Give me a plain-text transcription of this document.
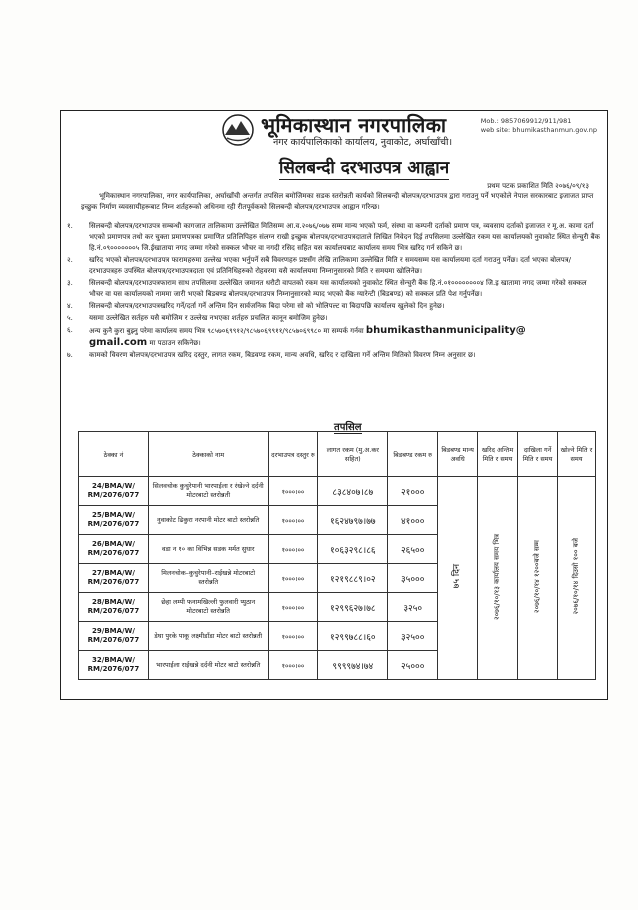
Mob.: 9857069912/911/981
web site: bhumikasthanmun.gov.np
भूमिकास्थान नगरपालिका
नगर कार्यपालिकाको कार्यालय, नुवाकोट, अर्घाखाँची।
सिलबन्दी दरभाउपत्र आह्वान
प्रथम पटक प्रकाशित मिति २०७६/०९/१३
भूमिकास्थान नगरपालिका, नगर कार्यपालिका, अर्घाखाँची अन्तर्गत तपसिल बमोजिमका सडक स्तरोन्नती कार्यको सिलबन्दी बोलपत्र/दरभाउपत्र द्वारा गराउनु पर्ने भएकोले नेपाल सरकारबाट इजाजत प्राप्त इच्छुक निर्माण व्यवसायीहरूबाट निम्न शर्तहरूको अधिनमा रही रीतपूर्वकको सिलबन्दी बोलपत्र/दरभाउपत्र आह्वान गरिन्छ।
१.	सिलबन्दी बोलपत्र/दरभाउपत्र सम्बन्धी कागजात तालिकामा उल्लेखित मितिसम्म आ.व.२०७६/०७७ सम्म मान्य भएको फर्म, संस्था वा कम्पनी दर्ताको प्रमाण पत्र, व्यवसाय दर्ताको इजाजत र मू.अ. कामा दर्ता भएको प्रमाणपत्र तथो कर चुक्ता प्रमाणपत्रका प्रमाणित प्रतिलिपिहरु संलग्न राखी इच्छुक बोलपत्र/दरभाउपत्रदाताले लिखित निवेदन दिई तपसिलमा उल्लेखित रकम यस कार्यालयको नुवाकोट स्थित सेन्चुरी बैंक हि.नं.०९०००००००५ जि.ईखाताया नगद जम्मा गरेको सक्कल भौचर वा नगदी रसिद सहित यस कार्यालयबाट कार्यालय समय भित्र खरिद गर्न सकिने छ।
२.	खरिद भएको बोलपत्र/दरभाउपत्र फारामहरुमा उल्लेख भएका भर्नुपर्ने सबै विवरणहरु प्रष्टसँग लेखि तालिकामा उल्लेखित मिति र समयसम्म यस कार्यालयमा दर्ता गराउनु पर्नेछ। दर्ता भएका बोलपत्र/दरभाउपत्रहरु उपस्थित बोलपत्र/दरभाउपत्रदाता एवं प्रतिनिधिहरुको रोहवरमा यसै कार्यालयमा निम्नानुसारको मिति र समयमा खोलिनेछ।
३.	सिलबन्दी बोलपत्र/दरभाउपत्रफाराम साथ तपसिलमा उल्लेखित जमानत धरौटी वापतको रकम यस कार्यालयको नुवाकोट स्थित सेन्चुरी बैंक हि.नं.०१००००००००४ जि.इ खातामा नगद जम्मा गरेको सक्कल भौचर वा यस कार्यालयको नाममा जारी भएको बिडबण्ड बोलपत्र/दरभाउपत्र निम्नानुसारको म्याद भएको बैंक ग्यारेन्टी (बिडबण्ड) को सक्कल प्रति पेश गर्नुपर्नेछ।
४.	सिलबन्दी बोलपत्र/दरभाउपत्रखरिद गर्ने/दर्ता गर्ने अन्तिम दिन सार्वजनिक बिदा परेमा सो को भोलिपल्ट वा बिदापछि कार्यालय खुलेको दिन हुनेछ।
५.	यसमा उल्लेखित सर्तहरु यसै बमोजिम र उल्लेख नभएका शर्तहरु प्रचलित कानून बमोजिम हुनेछ।
६.	अन्य कुनै कुरा बुझ्नु परेमा कार्यालय समय भित्र ९८५७०६९९१२/९८५७०६९९११/९८५७०६९९८० मा सम्पर्क गर्नवा bhumikasthanmunicipality@
gmail.com मा पठाउन सकिनेछ।
७.	कामको विवरण बोलपत्र/दरभाउपत्र खरिद दस्तुर, लागत रकम, बिडवण्ड रकम, मान्य अवधि, खरिद र दाखिला गर्ने अन्तिम मितिको विवरण निम्न अनुसार छ।
तपसिल
ठेक्का नं	ठेक्काको नाम	दरभाउपत्र दस्तुर रु	लागत रकम (मु.अ.कर सहित)	बिडबण्ड रकम रु	बिडबण्ड मान्य अवधि	खरिद अन्तिम मिति र समय	दाखिला गर्ने मिति र समय	खोल्ने मिति र समय
24/BMA/W/
RM/2076/077	सिलवचोक कुचुरेपानी भारपाईला र रंखेल्ने दर्दनी मोटरबाटो स्तरोन्नती	१०००।००	८३८४०७।८७	२१०००	७५ दिन	२०७६/१०/१३ कार्यालय समय भित्र	२०७६/१०/१४ १२००बजे सम्म	२०७६/१०/१४ दिउसो १०० बजे
25/BMA/W/
RM/2076/077	नुवाकोट ढिकुरा नरपानी मोटर बाटो स्तरोन्नति	१०००।००	१६२४७९७।७७	४१०००				
26/BMA/W/
RM/2076/077	वडा न १० का विभिन्न सडक मर्मत सुधार	१०००।००	१०६३२९८।८६	२६५००				
27/BMA/W/
RM/2076/077	मिलनचोक–कुचुरेपानी–राईखन्ने मोटरबाटो स्तरोन्नति	१०००।००	१२१९८८९।०२	३५०००				
28/BMA/W/
RM/2076/077	छेहा लम्पी फनामखिल्ली फुलवारी प्युठान मोटरबाटो स्तरोन्नति	१०००।००	१२९९६२७।७८	३२५०				
29/BMA/W/
RM/2076/077	डेघा पुरके पाकू लक्ष्मीडाँडा मोटर बाटो स्तरोन्नती	१०००।००	१२९९७८८।६०	३२५००				
32/BMA/W/
RM/2076/077	भारपाईला राईखन्ने दर्दनी मोटर बाटो स्तरोन्नति	१०००।००	९९९९७४।७४	२५०००				
